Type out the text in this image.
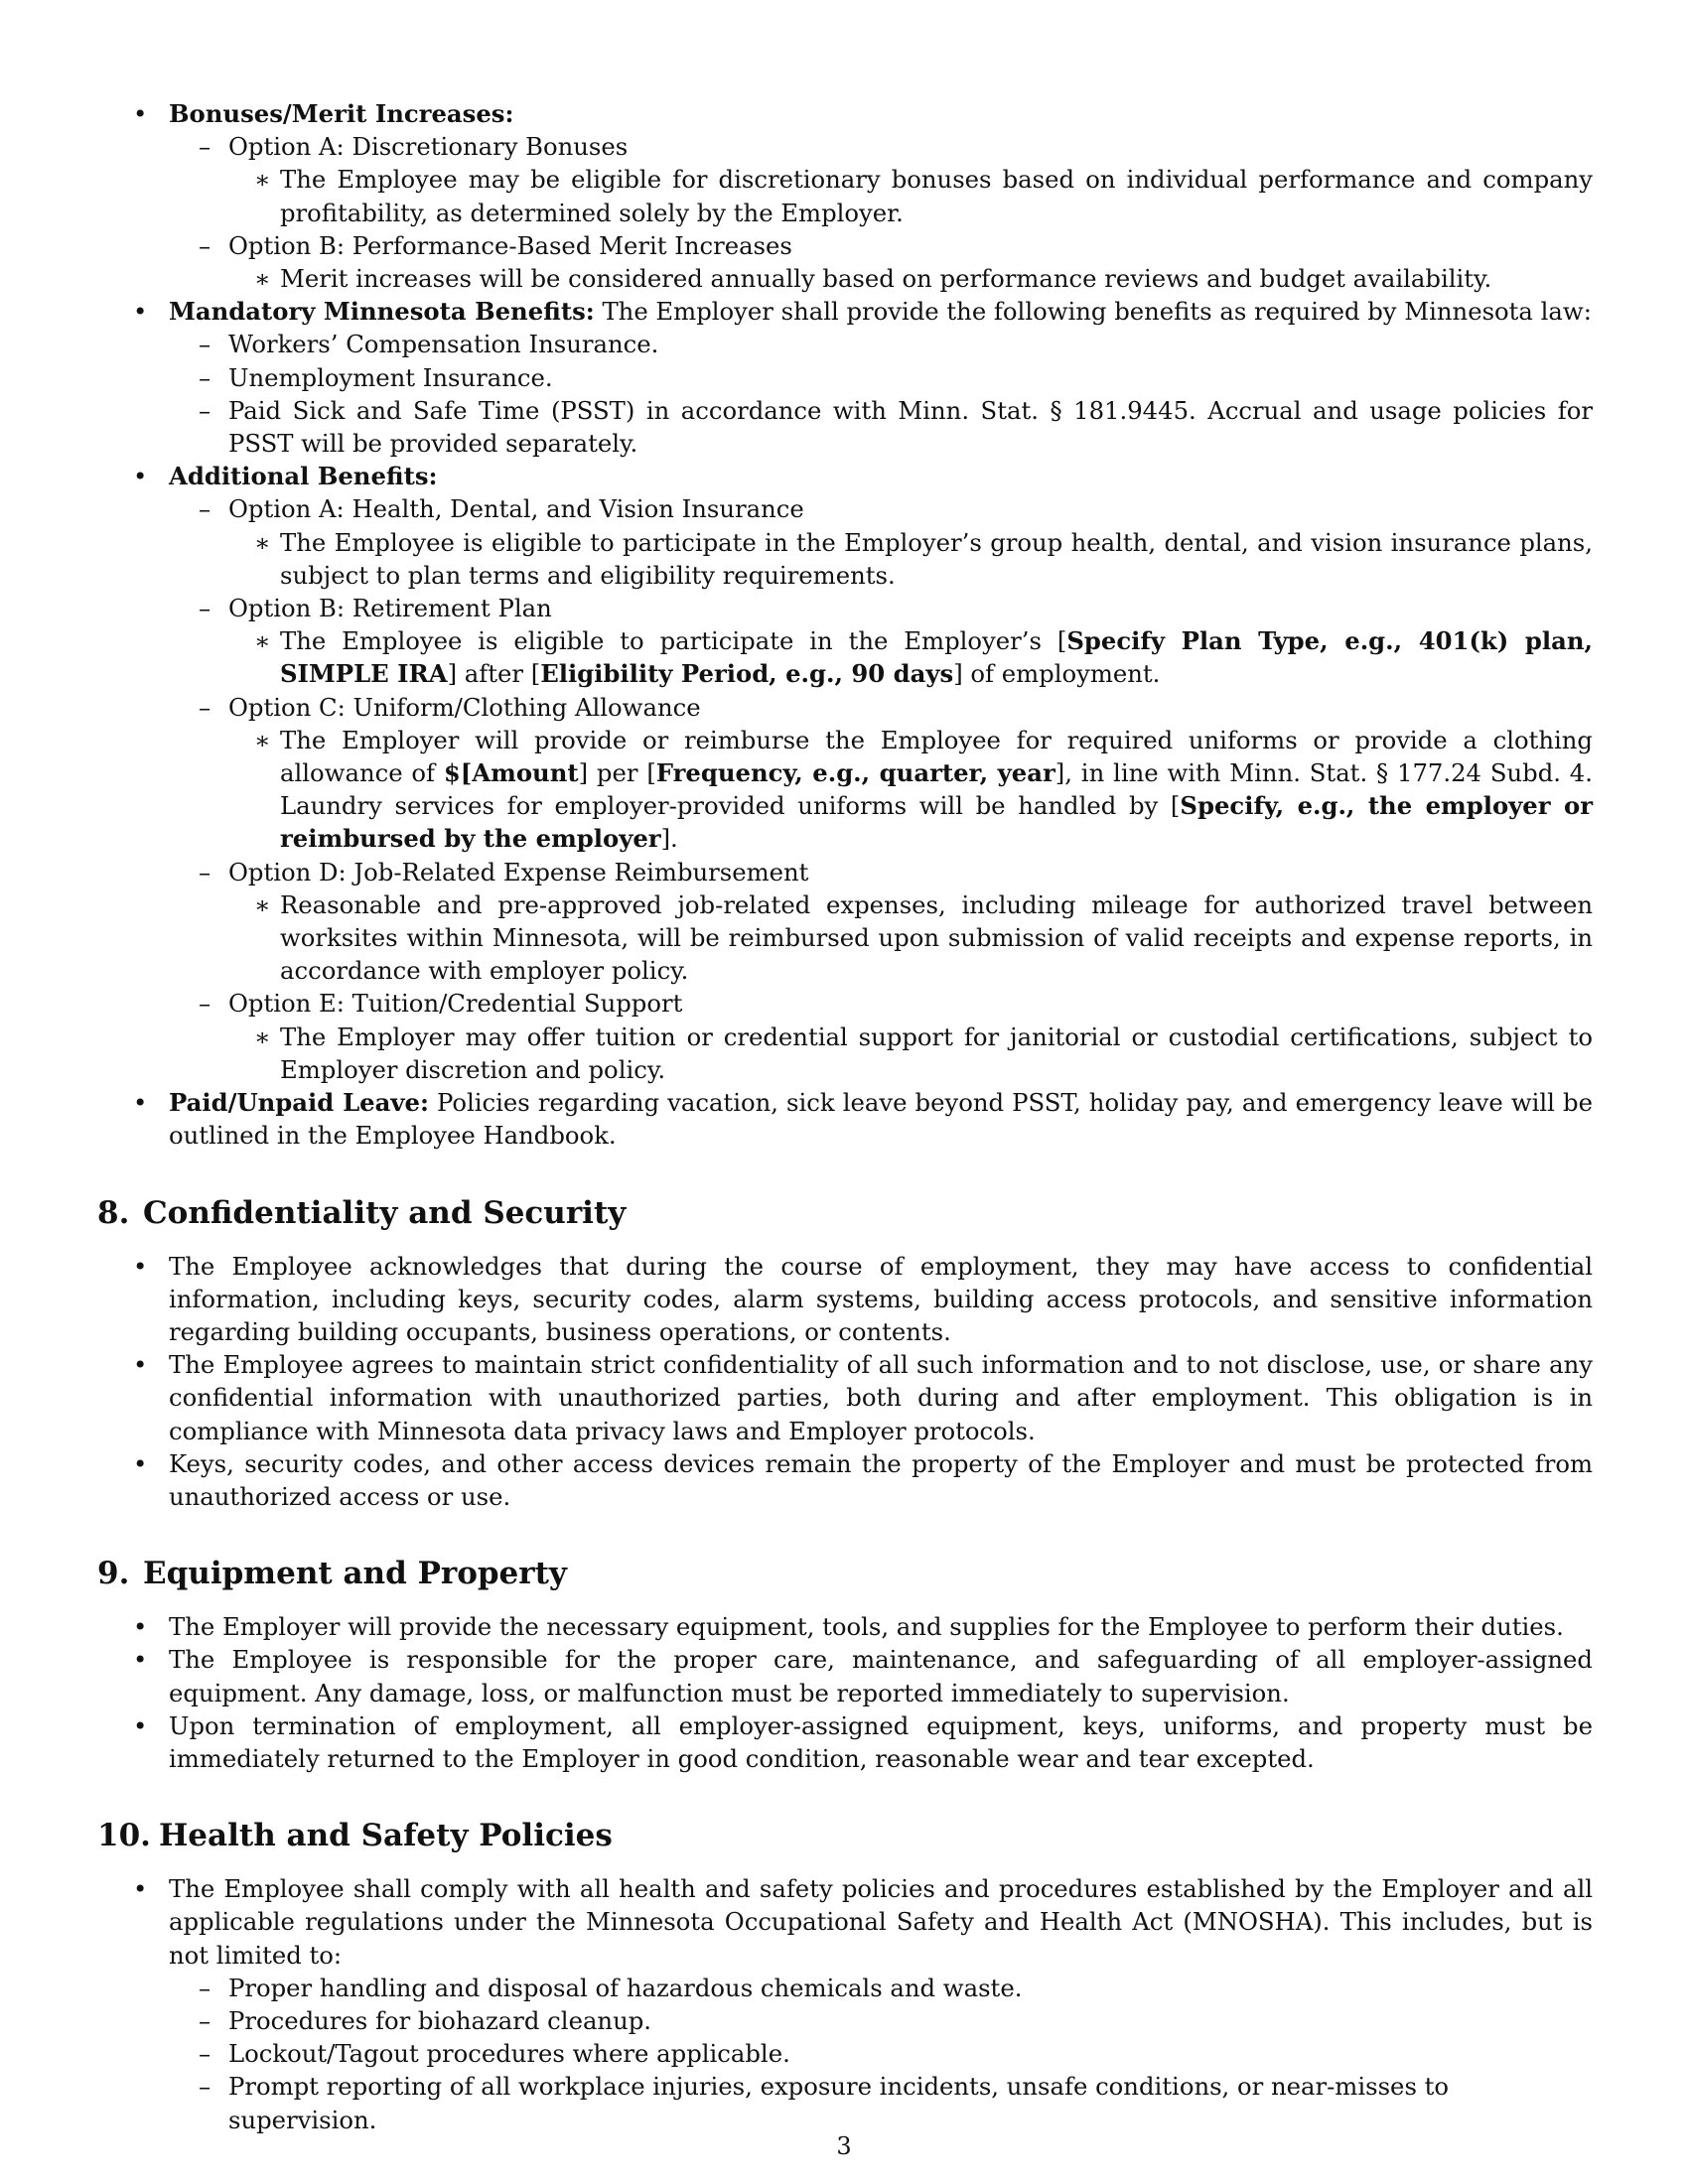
• Bonuses/Merit Increases:
– Option A: Discretionary Bonuses
∗ The Employee may be eligible for discretionary bonuses based on individual performance and company profitability, as determined solely by the Employer.
– Option B: Performance-Based Merit Increases
∗ Merit increases will be considered annually based on performance reviews and budget availability.
• Mandatory Minnesota Benefits: The Employer shall provide the following benefits as required by Minnesota law:
– Workers’ Compensation Insurance.
– Unemployment Insurance.
– Paid Sick and Safe Time (PSST) in accordance with Minn. Stat. § 181.9445. Accrual and usage policies for PSST will be provided separately.
• Additional Benefits:
– Option A: Health, Dental, and Vision Insurance
∗ The Employee is eligible to participate in the Employer’s group health, dental, and vision insurance plans, subject to plan terms and eligibility requirements.
– Option B: Retirement Plan
∗ The Employee is eligible to participate in the Employer’s [Specify Plan Type, e.g., 401(k) plan, SIMPLE IRA] after [Eligibility Period, e.g., 90 days] of employment.
– Option C: Uniform/Clothing Allowance
∗ The Employer will provide or reimburse the Employee for required uniforms or provide a clothing allowance of $[Amount] per [Frequency, e.g., quarter, year], in line with Minn. Stat. § 177.24 Subd. 4. Laundry services for employer-provided uniforms will be handled by [Specify, e.g., the employer or reimbursed by the employer].
– Option D: Job-Related Expense Reimbursement
∗ Reasonable and pre-approved job-related expenses, including mileage for authorized travel between worksites within Minnesota, will be reimbursed upon submission of valid receipts and expense reports, in accordance with employer policy.
– Option E: Tuition/Credential Support
∗ The Employer may offer tuition or credential support for janitorial or custodial certifications, subject to Employer discretion and policy.
• Paid/Unpaid Leave: Policies regarding vacation, sick leave beyond PSST, holiday pay, and emergency leave will be outlined in the Employee Handbook.
8. Confidentiality and Security
• The Employee acknowledges that during the course of employment, they may have access to confidential information, including keys, security codes, alarm systems, building access protocols, and sensitive information regarding building occupants, business operations, or contents.
• The Employee agrees to maintain strict confidentiality of all such information and to not disclose, use, or share any confidential information with unauthorized parties, both during and after employment. This obligation is in compliance with Minnesota data privacy laws and Employer protocols.
• Keys, security codes, and other access devices remain the property of the Employer and must be protected from unauthorized access or use.
9. Equipment and Property
• The Employer will provide the necessary equipment, tools, and supplies for the Employee to perform their duties.
• The Employee is responsible for the proper care, maintenance, and safeguarding of all employer-assigned equipment. Any damage, loss, or malfunction must be reported immediately to supervision.
• Upon termination of employment, all employer-assigned equipment, keys, uniforms, and property must be immediately returned to the Employer in good condition, reasonable wear and tear excepted.
10. Health and Safety Policies
• The Employee shall comply with all health and safety policies and procedures established by the Employer and all applicable regulations under the Minnesota Occupational Safety and Health Act (MNOSHA). This includes, but is not limited to:
– Proper handling and disposal of hazardous chemicals and waste.
– Procedures for biohazard cleanup.
– Lockout/Tagout procedures where applicable.
– Prompt reporting of all workplace injuries, exposure incidents, unsafe conditions, or near-misses to supervision.
3
